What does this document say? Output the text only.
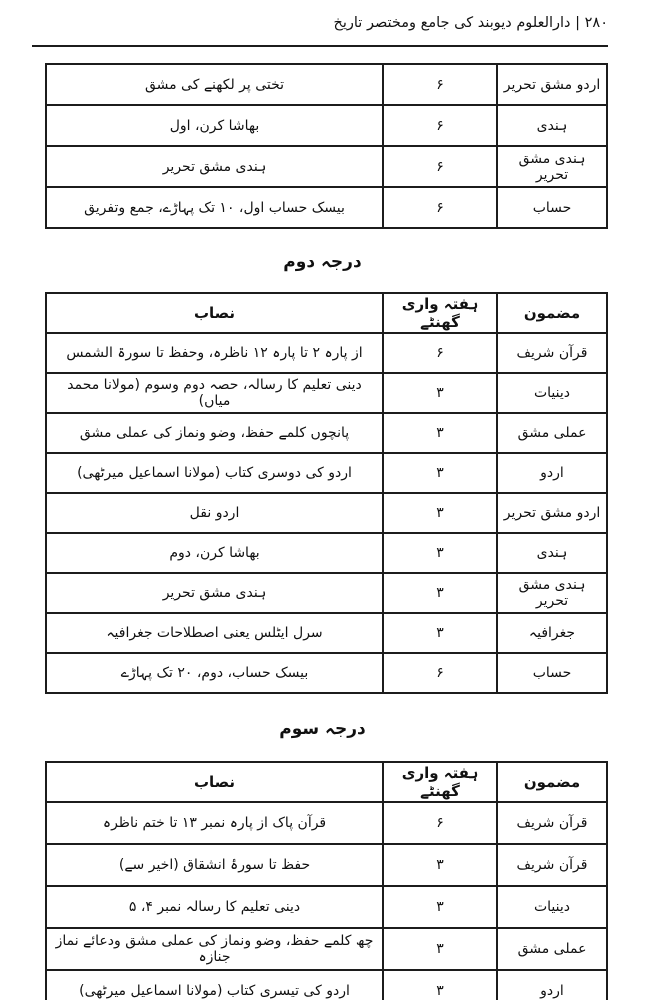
۲۸۰ | دارالعلوم دیوبند کی جامع ومختصر تاریخ
اردو مشق تحریر	۶	تختی پر لکھنے کی مشق
ہندی	۶	بھاشا کرن، اول
ہندی مشق تحریر	۶	ہندی مشق تحریر
حساب	۶	بیسک حساب اول، ۱۰ تک پہاڑے، جمع وتفریق
درجہ دوم
مضمون	ہفتہ واری گھنٹے	نصاب
قرآن شریف	۶	از پارہ ۲ تا پارہ ۱۲ ناظرہ، وحفظ تا سورۃ الشمس
دینیات	۳	دینی تعلیم کا رسالہ، حصہ دوم وسوم (مولانا محمد میاں)
عملی مشق	۳	پانچوں کلمے حفظ، وضو ونماز کی عملی مشق
اردو	۳	اردو کی دوسری کتاب (مولانا اسماعیل میرٹھی)
اردو مشق تحریر	۳	اردو نقل
ہندی	۳	بھاشا کرن، دوم
ہندی مشق تحریر	۳	ہندی مشق تحریر
جغرافیہ	۳	سرل ایٹلس یعنی اصطلاحات جغرافیہ
حساب	۶	بیسک حساب، دوم، ۲۰ تک پہاڑے
درجہ سوم
مضمون	ہفتہ واری گھنٹے	نصاب
قرآن شریف	۶	قرآن پاک از پارہ نمبر ۱۳ تا ختم ناظرہ
قرآن شریف	۳	حفظ تا سورۂ انشقاق (اخیر سے)
دینیات	۳	دینی تعلیم کا رسالہ نمبر ۴، ۵
عملی مشق	۳	چھ کلمے حفظ، وضو ونماز کی عملی مشق ودعائے نماز جنازہ
اردو	۳	اردو کی تیسری کتاب (مولانا اسماعیل میرٹھی)
